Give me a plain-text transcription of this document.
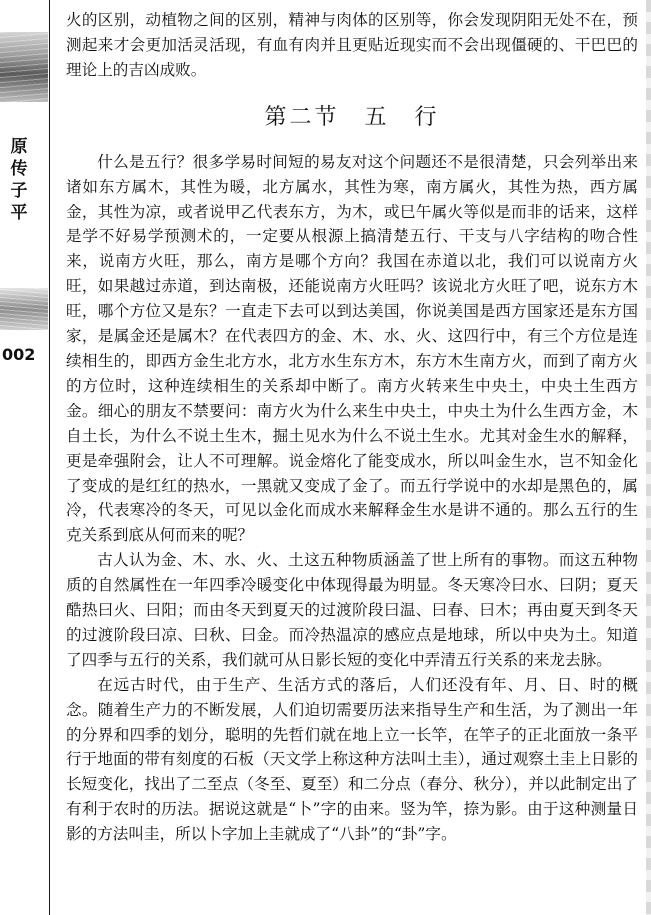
原
传
子
平
002

火的区别，动植物之间的区别，精神与肉体的区别等，你会发现阴阳无处不在，预测起来才会更加活灵活现，有血有肉并且更贴近现实而不会出现僵硬的、干巴巴的理论上的吉凶成败。

第二节　五　行

什么是五行？很多学易时间短的易友对这个问题还不是很清楚，只会列举出来诸如东方属木，其性为暖，北方属水，其性为寒，南方属火，其性为热，西方属金，其性为凉，或者说甲乙代表东方，为木，或巳午属火等似是而非的话来，这样是学不好易学预测术的，一定要从根源上搞清楚五行、干支与八字结构的吻合性来，说南方火旺，那么，南方是哪个方向？我国在赤道以北，我们可以说南方火旺，如果越过赤道，到达南极，还能说南方火旺吗？该说北方火旺了吧，说东方木旺，哪个方位又是东？一直走下去可以到达美国，你说美国是西方国家还是东方国家，是属金还是属木？在代表四方的金、木、水、火、这四行中，有三个方位是连续相生的，即西方金生北方水，北方水生东方木，东方木生南方火，而到了南方火的方位时，这种连续相生的关系却中断了。南方火转来生中央土，中央土生西方金。细心的朋友不禁要问：南方火为什么来生中央土，中央土为什么生西方金，木自土长，为什么不说土生木，掘土见水为什么不说土生水。尤其对金生水的解释，更是牵强附会，让人不可理解。说金熔化了能变成水，所以叫金生水，岂不知金化了变成的是红红的热水，一黑就又变成了金了。而五行学说中的水却是黑色的，属冷，代表寒冷的冬天，可见以金化而成水来解释金生水是讲不通的。那么五行的生克关系到底从何而来的呢？

古人认为金、木、水、火、土这五种物质涵盖了世上所有的事物。而这五种物质的自然属性在一年四季冷暖变化中体现得最为明显。冬天寒冷曰水、曰阴；夏天酷热曰火、曰阳；而由冬天到夏天的过渡阶段曰温、曰春、曰木；再由夏天到冬天的过渡阶段曰凉、曰秋、曰金。而冷热温凉的感应点是地球，所以中央为土。知道了四季与五行的关系，我们就可从日影长短的变化中弄清五行关系的来龙去脉。

在远古时代，由于生产、生活方式的落后，人们还没有年、月、日、时的概念。随着生产力的不断发展，人们迫切需要历法来指导生产和生活，为了测出一年的分界和四季的划分，聪明的先哲们就在地上立一长竿，在竿子的正北面放一条平行于地面的带有刻度的石板（天文学上称这种方法叫土圭），通过观察土圭上日影的长短变化，找出了二至点（冬至、夏至）和二分点（春分、秋分），并以此制定出了有利于农时的历法。据说这就是“卜”字的由来。竖为竿，捺为影。由于这种测量日影的方法叫圭，所以卜字加上圭就成了“八卦”的“卦”字。
